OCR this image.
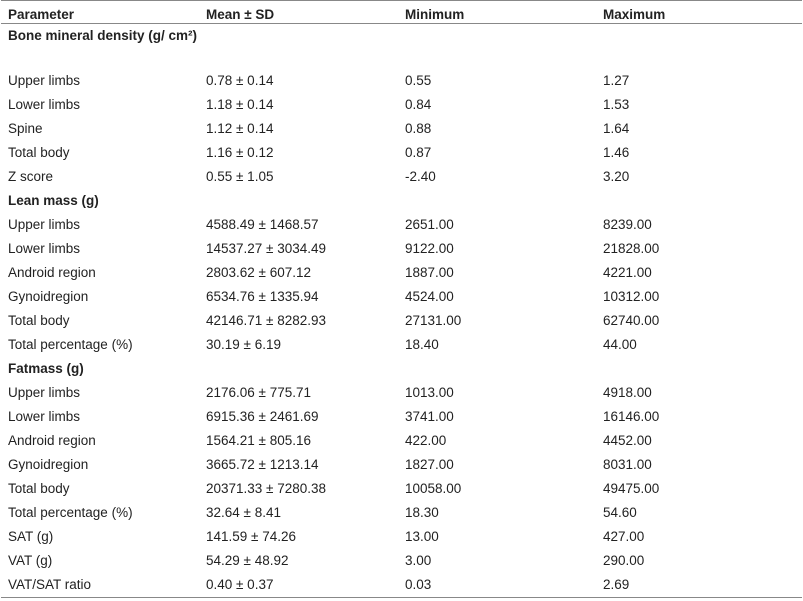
Parameter	Mean ± SD	Minimum	Maximum
Bone mineral density (g/ cm²)			
Upper limbs	0.78 ± 0.14	0.55	1.27
Lower limbs	1.18 ± 0.14	0.84	1.53
Spine	1.12 ± 0.14	0.88	1.64
Total body	1.16 ± 0.12	0.87	1.46
Z score	0.55 ± 1.05	-2.40	3.20
Lean mass (g)			
Upper limbs	4588.49 ± 1468.57	2651.00	8239.00
Lower limbs	14537.27 ± 3034.49	9122.00	21828.00
Android region	2803.62 ± 607.12	1887.00	4221.00
Gynoidregion	6534.76 ± 1335.94	4524.00	10312.00
Total body	42146.71 ± 8282.93	27131.00	62740.00
Total percentage (%)	30.19 ± 6.19	18.40	44.00
Fatmass (g)			
Upper limbs	2176.06 ± 775.71	1013.00	4918.00
Lower limbs	6915.36 ± 2461.69	3741.00	16146.00
Android region	1564.21 ± 805.16	422.00	4452.00
Gynoidregion	3665.72 ± 1213.14	1827.00	8031.00
Total body	20371.33 ± 7280.38	10058.00	49475.00
Total percentage (%)	32.64 ± 8.41	18.30	54.60
SAT (g)	141.59 ± 74.26	13.00	427.00
VAT (g)	54.29 ± 48.92	3.00	290.00
VAT/SAT ratio	0.40 ± 0.37	0.03	2.69
